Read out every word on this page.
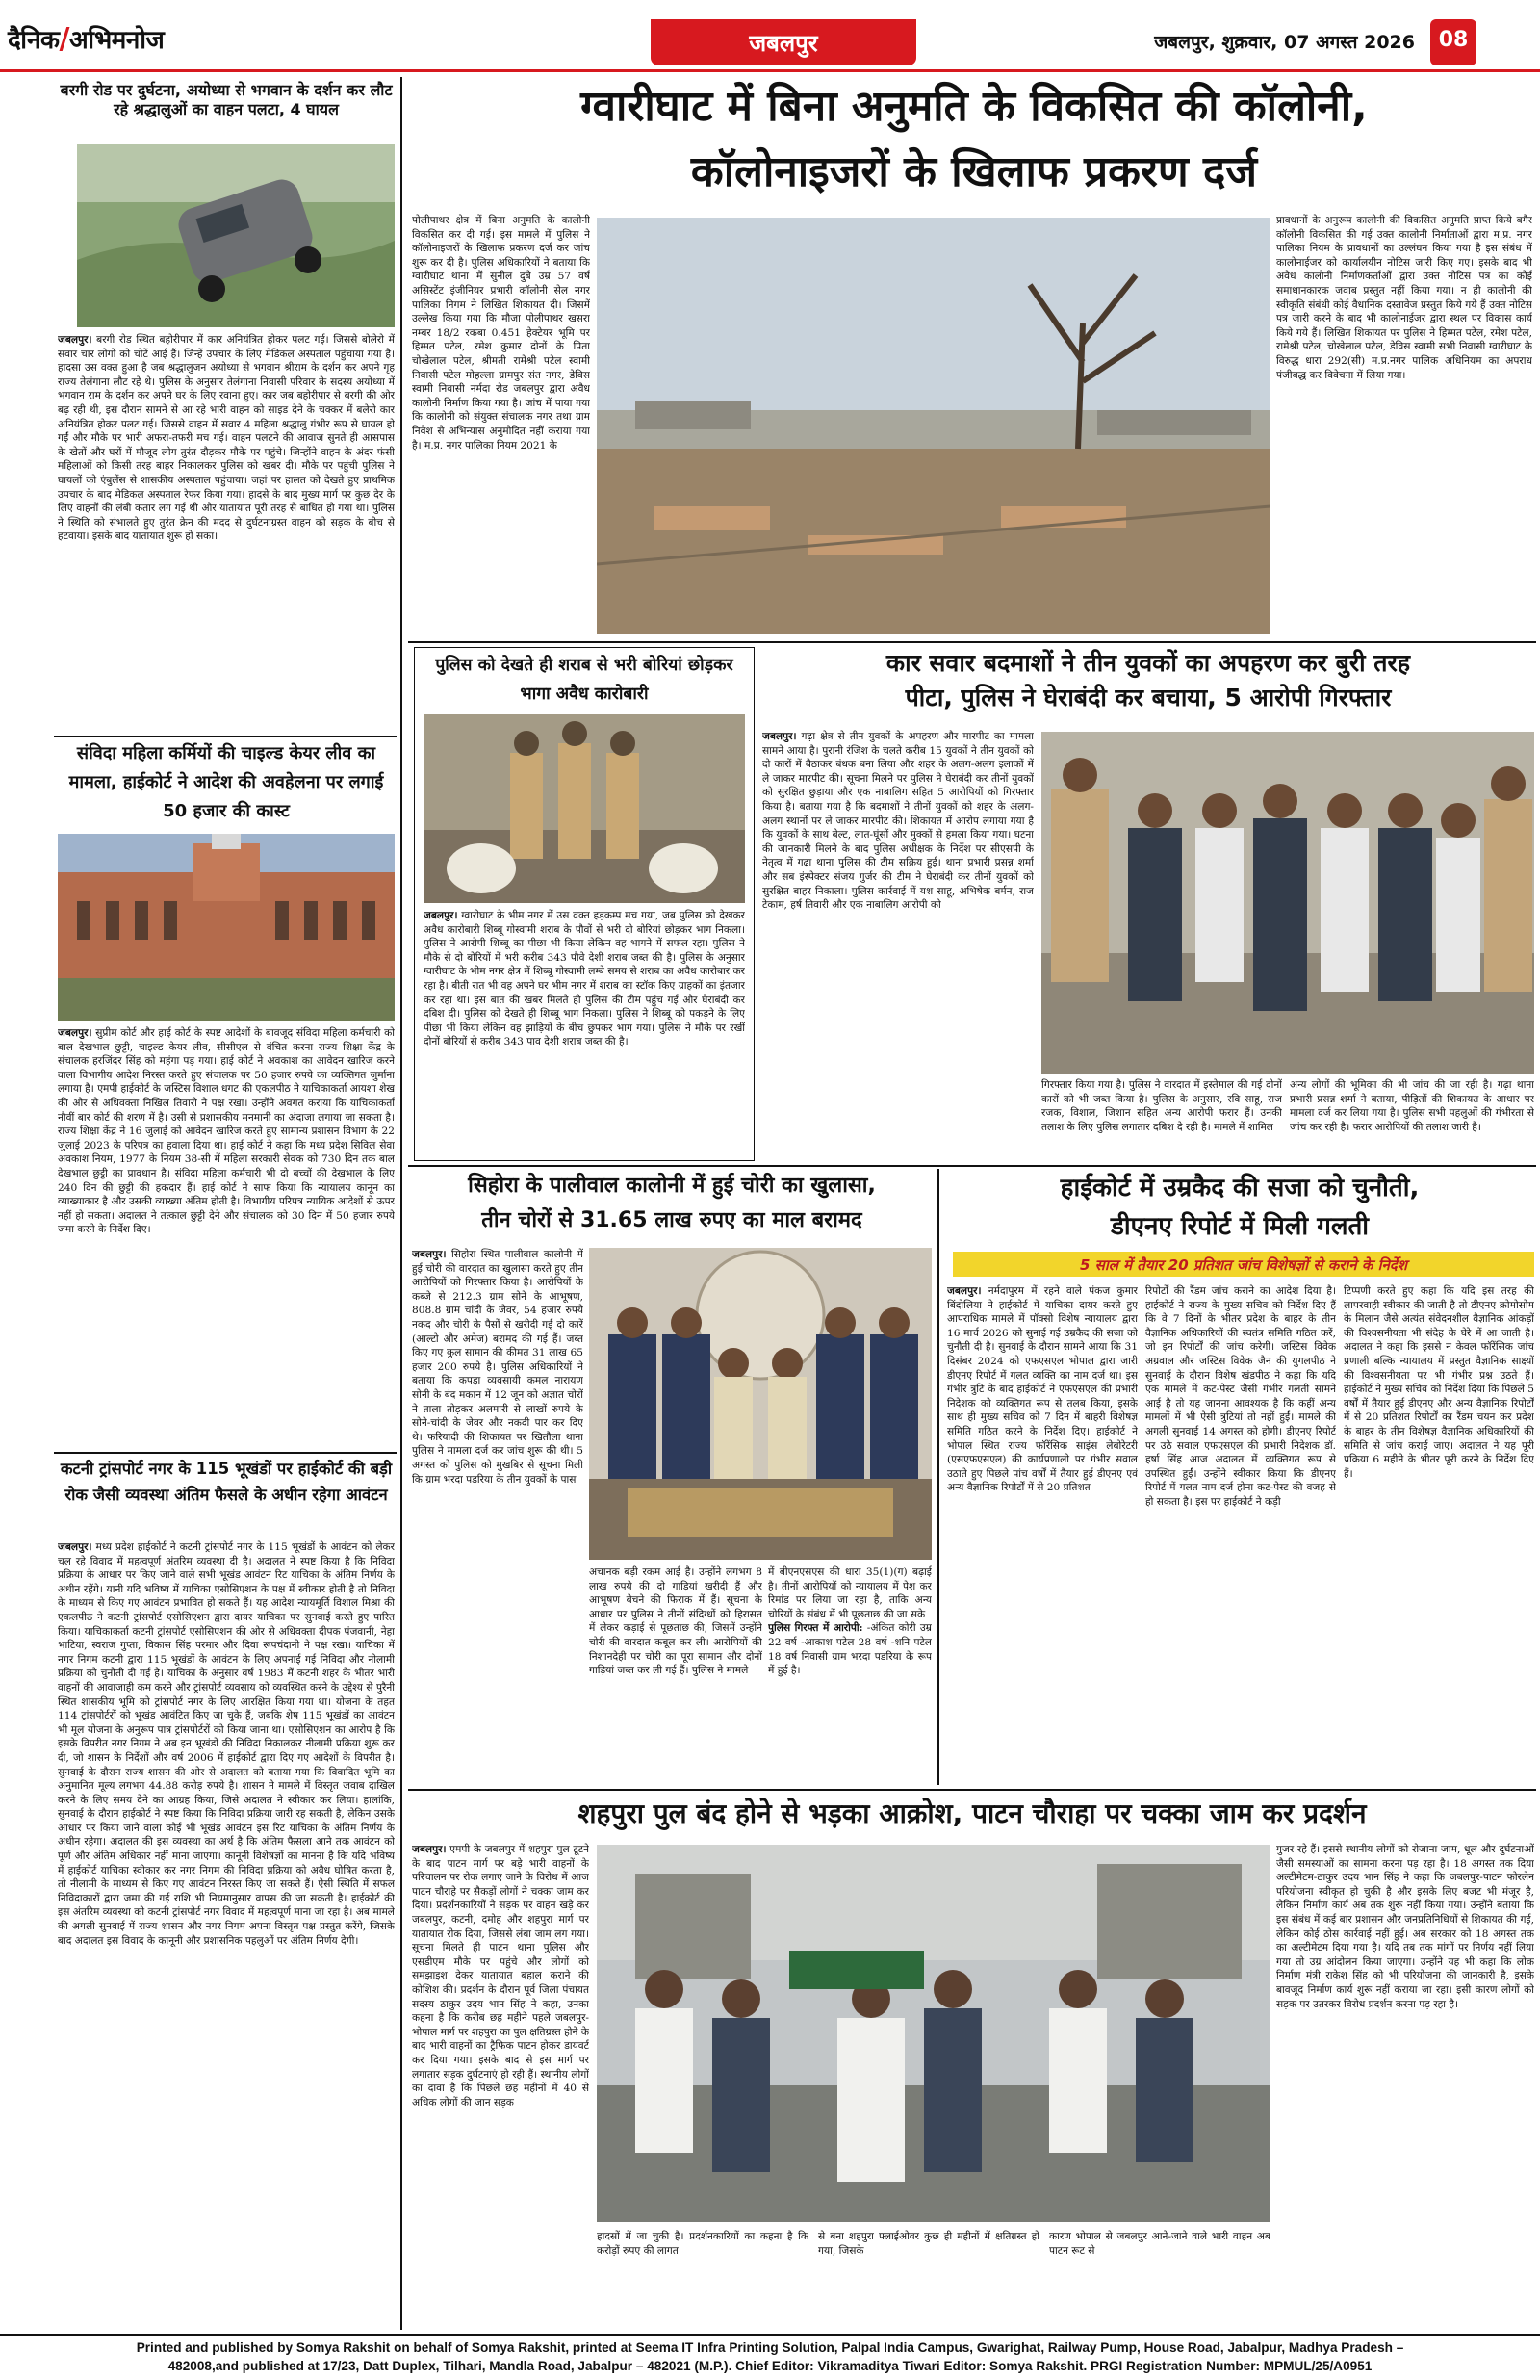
दैनिक/अभिमनोज	जबलपुर	जबलपुर, शुक्रवार, 07 अगस्त 2026	08
बरगी रोड पर दुर्घटना, अयोध्या से भगवान के दर्शन कर लौट रहे श्रद्धालुओं का वाहन पलटा, 4 घायल
जबलपुर। बरगी रोड स्थित बहोरीपार में कार अनियंत्रित होकर पलट गई। जिससे बोलेरो में सवार चार लोगों को चोटें आई हैं। जिन्हें उपचार के लिए मेडिकल अस्पताल पहुंचाया गया है। हादसा उस वक्त हुआ है जब श्रद्धालुजन अयोध्या से भगवान श्रीराम के दर्शन कर अपने गृह राज्य तेलंगाना लौट रहे थे। पुलिस के अनुसार तेलंगाना निवासी परिवार के सदस्य अयोध्या में भगवान राम के दर्शन कर अपने घर के लिए रवाना हुए। कार जब बहोरीपार से बरगी की ओर बढ़ रही थी, इस दौरान सामने से आ रहे भारी वाहन को साइड देने के चक्कर में बलेरो कार अनियंत्रित होकर पलट गई। जिससे वाहन में सवार 4 महिला श्रद्धालु गंभीर रूप से घायल हो गईं और मौके पर भारी अफरा-तफरी मच गई। वाहन पलटने की आवाज सुनते ही आसपास के खेतों और घरों में मौजूद लोग तुरंत दौड़कर मौके पर पहुंचे। जिन्होंने वाहन के अंदर फंसी महिलाओं को किसी तरह बाहर निकालकर पुलिस को खबर दी। मौके पर पहुंची पुलिस ने घायलों को एंबुलेंस से शासकीय अस्पताल पहुंचाया। जहां पर हालत को देखते हुए प्राथमिक उपचार के बाद मेडिकल अस्पताल रेफर किया गया। हादसे के बाद मुख्य मार्ग पर कुछ देर के लिए वाहनों की लंबी कतार लग गई थी और यातायात पूरी तरह से बाधित हो गया था। पुलिस ने स्थिति को संभालते हुए तुरंत क्रेन की मदद से दुर्घटनाग्रस्त वाहन को सड़क के बीच से हटवाया। इसके बाद यातायात शुरू हो सका।
संविदा महिला कर्मियों की चाइल्ड केयर लीव का मामला, हाईकोर्ट ने आदेश की अवहेलना पर लगाई 50 हजार की कास्ट
जबलपुर। सुप्रीम कोर्ट और हाई कोर्ट के स्पष्ट आदेशों के बावजूद संविदा महिला कर्मचारी को बाल देखभाल छुट्टी, चाइल्ड केयर लीव, सीसीएल से वंचित करना राज्य शिक्षा केंद्र के संचालक हरजिंदर सिंह को महंगा पड़ गया। हाई कोर्ट ने अवकाश का आवेदन खारिज करने वाला विभागीय आदेश निरस्त करते हुए संचालक पर 50 हजार रुपये का व्यक्तिगत जुर्माना लगाया है। एमपी हाईकोर्ट के जस्टिस विशाल धगट की एकलपीठ ने याचिकाकर्ता आयशा शेख की ओर से अधिवक्ता निखिल तिवारी ने पक्ष रखा। उन्होंने अवगत कराया कि याचिकाकर्ता नौवीं बार कोर्ट की शरण में है। उसी से प्रशासकीय मनमानी का अंदाजा लगाया जा सकता है। राज्य शिक्षा केंद्र ने 16 जुलाई को आवेदन खारिज करते हुए सामान्य प्रशासन विभाग के 22 जुलाई 2023 के परिपत्र का हवाला दिया था। हाई कोर्ट ने कहा कि मध्य प्रदेश सिविल सेवा अवकाश नियम, 1977 के नियम 38-सी में महिला सरकारी सेवक को 730 दिन तक बाल देखभाल छुट्टी का प्रावधान है। संविदा महिला कर्मचारी भी दो बच्चों की देखभाल के लिए 240 दिन की छुट्टी की हकदार हैं। हाई कोर्ट ने साफ किया कि न्यायालय कानून का व्याख्याकार है और उसकी व्याख्या अंतिम होती है। विभागीय परिपत्र न्यायिक आदेशों से ऊपर नहीं हो सकता। अदालत ने तत्काल छुट्टी देने और संचालक को 30 दिन में 50 हजार रुपये जमा करने के निर्देश दिए।
कटनी ट्रांसपोर्ट नगर के 115 भूखंडों पर हाईकोर्ट की बड़ी रोक जैसी व्यवस्था अंतिम फैसले के अधीन रहेगा आवंटन
जबलपुर। मध्य प्रदेश हाईकोर्ट ने कटनी ट्रांसपोर्ट नगर के 115 भूखंडों के आवंटन को लेकर चल रहे विवाद में महत्वपूर्ण अंतरिम व्यवस्था दी है। अदालत ने स्पष्ट किया है कि निविदा प्रक्रिया के आधार पर किए जाने वाले सभी भूखंड आवंटन रिट याचिका के अंतिम निर्णय के अधीन रहेंगे। यानी यदि भविष्य में याचिका एसोसिएशन के पक्ष में स्वीकार होती है तो निविदा के माध्यम से किए गए आवंटन प्रभावित हो सकते हैं। यह आदेश न्यायमूर्ति विशाल मिश्रा की एकलपीठ ने कटनी ट्रांसपोर्ट एसोसिएशन द्वारा दायर याचिका पर सुनवाई करते हुए पारित किया। याचिकाकर्ता कटनी ट्रांसपोर्ट एसोसिएशन की ओर से अधिवक्ता दीपक पंजवानी, नेहा भाटिया, स्वराज गुप्ता, विकास सिंह परमार और दिवा रूपचंदानी ने पक्ष रखा। याचिका में नगर निगम कटनी द्वारा 115 भूखंडों के आवंटन के लिए अपनाई गई निविदा और नीलामी प्रक्रिया को चुनौती दी गई है। याचिका के अनुसार वर्ष 1983 में कटनी शहर के भीतर भारी वाहनों की आवाजाही कम करने और ट्रांसपोर्ट व्यवसाय को व्यवस्थित करने के उद्देश्य से पुरैनी स्थित शासकीय भूमि को ट्रांसपोर्ट नगर के लिए आरक्षित किया गया था। योजना के तहत 114 ट्रांसपोर्टरों को भूखंड आवंटित किए जा चुके हैं, जबकि शेष 115 भूखंडों का आवंटन भी मूल योजना के अनुरूप पात्र ट्रांसपोर्टरों को किया जाना था। एसोसिएशन का आरोप है कि इसके विपरीत नगर निगम ने अब इन भूखंडों की निविदा निकालकर नीलामी प्रक्रिया शुरू कर दी, जो शासन के निर्देशों और वर्ष 2006 में हाईकोर्ट द्वारा दिए गए आदेशों के विपरीत है। सुनवाई के दौरान राज्य शासन की ओर से अदालत को बताया गया कि विवादित भूमि का अनुमानित मूल्य लगभग 44.88 करोड़ रुपये है। शासन ने मामले में विस्तृत जवाब दाखिल करने के लिए समय देने का आग्रह किया, जिसे अदालत ने स्वीकार कर लिया। हालांकि, सुनवाई के दौरान हाईकोर्ट ने स्पष्ट किया कि निविदा प्रक्रिया जारी रह सकती है, लेकिन उसके आधार पर किया जाने वाला कोई भी भूखंड आवंटन इस रिट याचिका के अंतिम निर्णय के अधीन रहेगा। अदालत की इस व्यवस्था का अर्थ है कि अंतिम फैसला आने तक आवंटन को पूर्ण और अंतिम अधिकार नहीं माना जाएगा। कानूनी विशेषज्ञों का मानना है कि यदि भविष्य में हाईकोर्ट याचिका स्वीकार कर नगर निगम की निविदा प्रक्रिया को अवैध घोषित करता है, तो नीलामी के माध्यम से किए गए आवंटन निरस्त किए जा सकते हैं। ऐसी स्थिति में सफल निविदाकारों द्वारा जमा की गई राशि भी नियमानुसार वापस की जा सकती है। हाईकोर्ट की इस अंतरिम व्यवस्था को कटनी ट्रांसपोर्ट नगर विवाद में महत्वपूर्ण माना जा रहा है। अब मामले की अगली सुनवाई में राज्य शासन और नगर निगम अपना विस्तृत पक्ष प्रस्तुत करेंगे, जिसके बाद अदालत इस विवाद के कानूनी और प्रशासनिक पहलुओं पर अंतिम निर्णय देगी।
ग्वारीघाट में बिना अनुमति के विकसित की कॉलोनी,
कॉलोनाइजरों के खिलाफ प्रकरण दर्ज
पोलीपाथर क्षेत्र में बिना अनुमति के कालोनी विकसित कर दी गई। इस मामले में पुलिस ने कॉलोनाइजरों के खिलाफ प्रकरण दर्ज कर जांच शुरू कर दी है। पुलिस अधिकारियों ने बताया कि ग्वारीघाट थाना में सुनील दुबे उम्र 57 वर्ष असिस्टेंट इंजीनियर प्रभारी कॉलोनी सेल नगर पालिका निगम ने लिखित शिकायत दी। जिसमें उल्लेख किया गया कि मौजा पोलीपाथर खसरा नम्बर 18/2 रकबा 0.451 हेक्टेयर भूमि पर हिम्मत पटेल, रमेश कुमार दोनों के पिता चोखेलाल पटेल, श्रीमती रामेश्री पटेल स्वामी निवासी पटेल मोहल्ला ग्रामपुर संत नगर, डेविस स्वामी निवासी नर्मदा रोड जबलपुर द्वारा अवैध कालोनी निर्माण किया गया है। जांच में पाया गया कि कालोनी को संयुक्त संचालक नगर तथा ग्राम निवेश से अभिन्यास अनुमोदित नहीं कराया गया है। म.प्र. नगर पालिका नियम 2021 के
प्रावधानों के अनुरूप कालोनी की विकसित अनुमति प्राप्त किये बगैर कॉलोनी विकसित की गई उक्त कालोनी निर्माताओं द्वारा म.प्र. नगर पालिका नियम के प्रावधानों का उल्लंघन किया गया है इस संबंध में कालोनाईजर को कार्यालयीन नोटिस जारी किए गए। इसके बाद भी अवैध कालोनी निर्माणकर्ताओं द्वारा उक्त नोटिस पत्र का कोई समाधानकारक जवाब प्रस्तुत नहीं किया गया। न ही कालोनी की स्वीकृति संबंधी कोई वैधानिक दस्तावेज प्रस्तुत किये गये हैं उक्त नोटिस पत्र जारी करने के बाद भी कालोनाईजर द्वारा स्थल पर विकास कार्य किये गये हैं। लिखित शिकायत पर पुलिस ने हिम्मत पटेल, रमेश पटेल, रामेश्री पटेल, चोखेलाल पटेल, डेविस स्वामी सभी निवासी ग्वारीघाट के विरुद्ध धारा 292(सी) म.प्र.नगर पालिक अधिनियम का अपराध पंजीबद्ध कर विवेचना में लिया गया।
पुलिस को देखते ही शराब से भरी बोरियां छोड़कर भागा अवैध कारोबारी
जबलपुर। ग्वारीघाट के भीम नगर में उस वक्त हड़कम्प मच गया, जब पुलिस को देखकर अवैध कारोबारी शिब्बू गोस्वामी शराब के पौवों से भरी दो बोरियां छोड़कर भाग निकला। पुलिस ने आरोपी शिब्बू का पीछा भी किया लेकिन वह भागने में सफल रहा। पुलिस ने मौके से दो बोरियों में भरी करीब 343 पौवे देशी शराब जब्त की है। पुलिस के अनुसार ग्वारीघाट के भीम नगर क्षेत्र में शिब्बू गोस्वामी लम्बे समय से शराब का अवैध कारोबार कर रहा है। बीती रात भी वह अपने घर भीम नगर में शराब का स्टॉक किए ग्राहकों का इंतजार कर रहा था। इस बात की खबर मिलते ही पुलिस की टीम पहुंच गई और घेराबंदी कर दबिश दी। पुलिस को देखते ही शिब्बू भाग निकला। पुलिस ने शिब्बू को पकड़ने के लिए पीछा भी किया लेकिन वह झाड़ियों के बीच छुपकर भाग गया। पुलिस ने मौके पर रखीं दोनों बोरियों से करीब 343 पाव देशी शराब जब्त की है।
कार सवार बदमाशों ने तीन युवकों का अपहरण कर बुरी तरह
पीटा, पुलिस ने घेराबंदी कर बचाया, 5 आरोपी गिरफ्तार
जबलपुर। गढ़ा क्षेत्र से तीन युवकों के अपहरण और मारपीट का मामला सामने आया है। पुरानी रंजिश के चलते करीब 15 युवकों ने तीन युवकों को दो कारों में बैठाकर बंधक बना लिया और शहर के अलग-अलग इलाकों में ले जाकर मारपीट की। सूचना मिलने पर पुलिस ने घेराबंदी कर तीनों युवकों को सुरक्षित छुड़ाया और एक नाबालिग सहित 5 आरोपियों को गिरफ्तार किया है। बताया गया है कि बदमाशों ने तीनों युवकों को शहर के अलग-अलग स्थानों पर ले जाकर मारपीट की। शिकायत में आरोप लगाया गया है कि युवकों के साथ बेल्ट, लात-घूंसों और मुक्कों से हमला किया गया। घटना की जानकारी मिलने के बाद पुलिस अधीक्षक के निर्देश पर सीएसपी के नेतृत्व में गढ़ा थाना पुलिस की टीम सक्रिय हुई। थाना प्रभारी प्रसन्न शर्मा और सब इंस्पेक्टर संजय गुर्जर की टीम ने घेराबंदी कर तीनों युवकों को सुरक्षित बाहर निकाला। पुलिस कार्रवाई में यश साहू, अभिषेक बर्मन, राज टेकाम, हर्ष तिवारी और एक नाबालिग आरोपी को
गिरफ्तार किया गया है। पुलिस ने वारदात में इस्तेमाल की गई दोनों कारों को भी जब्त किया है। पुलिस के अनुसार, रवि साहू, राज रजक, विशाल, जिशान सहित अन्य आरोपी फरार हैं। उनकी तलाश के लिए पुलिस लगातार दबिश दे रही है। मामले में शामिल
अन्य लोगों की भूमिका की भी जांच की जा रही है। गढ़ा थाना प्रभारी प्रसन्न शर्मा ने बताया, पीड़ितों की शिकायत के आधार पर मामला दर्ज कर लिया गया है। पुलिस सभी पहलुओं की गंभीरता से जांच कर रही है। फरार आरोपियों की तलाश जारी है।
सिहोरा के पालीवाल कालोनी में हुई चोरी का खुलासा,
तीन चोरों से 31.65 लाख रुपए का माल बरामद
जबलपुर। सिहोरा स्थित पालीवाल कालोनी में हुई चोरी की वारदात का खुलासा करते हुए तीन आरोपियों को गिरफ्तार किया है। आरोपियों के कब्जे से 212.3 ग्राम सोने के आभूषण, 808.8 ग्राम चांदी के जेवर, 54 हजार रुपये नकद और चोरी के पैसों से खरीदी गई दो कारें (आल्टो और अमेज) बरामद की गई हैं। जब्त किए गए कुल सामान की कीमत 31 लाख 65 हजार 200 रुपये है। पुलिस अधिकारियों ने बताया कि कपड़ा व्यवसायी कमल नारायण सोनी के बंद मकान में 12 जून को अज्ञात चोरों ने ताला तोड़कर अलमारी से लाखों रुपये के सोने-चांदी के जेवर और नकदी पार कर दिए थे। फरियादी की शिकायत पर खितौला थाना पुलिस ने मामला दर्ज कर जांच शुरू की थी। 5 अगस्त को पुलिस को मुखबिर से सूचना मिली कि ग्राम भरदा पडरिया के तीन युवकों के पास
अचानक बड़ी रकम आई है। उन्होंने लगभग 8 लाख रुपये की दो गाड़ियां खरीदी हैं और आभूषण बेचने की फिराक में हैं। सूचना के आधार पर पुलिस ने तीनों संदिग्धों को हिरासत में लेकर कड़ाई से पूछताछ की, जिसमें उन्होंने चोरी की वारदात कबूल कर ली। आरोपियों की निशानदेही पर चोरी का पूरा सामान और दोनों गाड़ियां जब्त कर ली गई हैं। पुलिस ने मामले
में बीएनएसएस की धारा 35(1)(ग) बढ़ाई है। तीनों आरोपियों को न्यायालय में पेश कर रिमांड पर लिया जा रहा है, ताकि अन्य चोरियों के संबंध में भी पूछताछ की जा सके
पुलिस गिरफ्त में आरोपी: -अंकित कोरी उम्र 22 वर्ष -आकाश पटेल 28 वर्ष -शनि पटेल 18 वर्ष निवासी ग्राम भरदा पडरिया के रूप में हुई है।
हाईकोर्ट में उम्रकैद की सजा को चुनौती,
डीएनए रिपोर्ट में मिली गलती
5 साल में तैयार 20 प्रतिशत जांच विशेषज्ञों से कराने के निर्देश
जबलपुर। नर्मदापुरम में रहने वाले पंकज कुमार बिंदोलिया ने हाईकोर्ट में याचिका दायर करते हुए आपराधिक मामले में पॉक्सो विशेष न्यायालय द्वारा 16 मार्च 2026 को सुनाई गई उम्रकैद की सजा को चुनौती दी है। सुनवाई के दौरान सामने आया कि 31 दिसंबर 2024 को एफएसएल भोपाल द्वारा जारी डीएनए रिपोर्ट में गलत व्यक्ति का नाम दर्ज था। इस गंभीर त्रुटि के बाद हाईकोर्ट ने एफएसएल की प्रभारी निदेशक को व्यक्तिगत रूप से तलब किया, इसके साथ ही मुख्य सचिव को 7 दिन में बाहरी विशेषज्ञ समिति गठित करने के निर्देश दिए। हाईकोर्ट ने भोपाल स्थित राज्य फॉरेंसिक साइंस लेबोरेटरी (एसएफएसएल) की कार्यप्रणाली पर गंभीर सवाल उठाते हुए पिछले पांच वर्षों में तैयार हुई डीएनए एवं अन्य वैज्ञानिक रिपोर्टों में से 20 प्रतिशत
रिपोर्टों की रैंडम जांच कराने का आदेश दिया है। हाईकोर्ट ने राज्य के मुख्य सचिव को निर्देश दिए हैं कि वे 7 दिनों के भीतर प्रदेश के बाहर के तीन वैज्ञानिक अधिकारियों की स्वतंत्र समिति गठित करें, जो इन रिपोर्टों की जांच करेगी। जस्टिस विवेक अग्रवाल और जस्टिस विवेक जैन की युगलपीठ ने सुनवाई के दौरान विशेष खंडपीठ ने कहा कि यदि एक मामले में कट-पेस्ट जैसी गंभीर गलती सामने आई है तो यह जानना आवश्यक है कि कहीं अन्य मामलों में भी ऐसी त्रुटियां तो नहीं हुईं। मामले की अगली सुनवाई 14 अगस्त को होगी। डीएनए रिपोर्ट पर उठे सवाल एफएसएल की प्रभारी निदेशक डॉ. हर्षा सिंह आज अदालत में व्यक्तिगत रूप से उपस्थित हुईं। उन्होंने स्वीकार किया कि डीएनए रिपोर्ट में गलत नाम दर्ज होना कट-पेस्ट की वजह से हो सकता है। इस पर हाईकोर्ट ने कड़ी
टिप्पणी करते हुए कहा कि यदि इस तरह की लापरवाही स्वीकार की जाती है तो डीएनए क्रोमोसोम के मिलान जैसे अत्यंत संवेदनशील वैज्ञानिक आंकड़ों की विश्वसनीयता भी संदेह के घेरे में आ जाती है। अदालत ने कहा कि इससे न केवल फॉरेंसिक जांच प्रणाली बल्कि न्यायालय में प्रस्तुत वैज्ञानिक साक्ष्यों की विश्वसनीयता पर भी गंभीर प्रश्न उठते हैं। हाईकोर्ट ने मुख्य सचिव को निर्देश दिया कि पिछले 5 वर्षों में तैयार हुई डीएनए और अन्य वैज्ञानिक रिपोर्टों में से 20 प्रतिशत रिपोर्टों का रैंडम चयन कर प्रदेश के बाहर के तीन विशेषज्ञ वैज्ञानिक अधिकारियों की समिति से जांच कराई जाए। अदालत ने यह पूरी प्रक्रिया 6 महीने के भीतर पूरी करने के निर्देश दिए हैं।
शहपुरा पुल बंद होने से भड़का आक्रोश, पाटन चौराहा पर चक्का जाम कर प्रदर्शन
जबलपुर। एमपी के जबलपुर में शहपुरा पुल टूटने के बाद पाटन मार्ग पर बड़े भारी वाहनों के परिचालन पर रोक लगाए जाने के विरोध में आज पाटन चौराहे पर सैकड़ों लोगों ने चक्का जाम कर दिया। प्रदर्शनकारियों ने सड़क पर वाहन खड़े कर जबलपुर, कटनी, दमोह और शहपुरा मार्ग पर यातायात रोक दिया, जिससे लंबा जाम लग गया। सूचना मिलते ही पाटन थाना पुलिस और एसडीएम मौके पर पहुंचे और लोगों को समझाइश देकर यातायात बहाल कराने की कोशिश की। प्रदर्शन के दौरान पूर्व जिला पंचायत सदस्य ठाकुर उदय भान सिंह ने कहा, उनका कहना है कि करीब छह महीने पहले जबलपुर-भोपाल मार्ग पर शहपुरा का पुल क्षतिग्रस्त होने के बाद भारी वाहनों का ट्रैफिक पाटन होकर डायवर्ट कर दिया गया। इसके बाद से इस मार्ग पर लगातार सड़क दुर्घटनाएं हो रही हैं। स्थानीय लोगों का दावा है कि पिछले छह महीनों में 40 से अधिक लोगों की जान सड़क
गुजर रहे हैं। इससे स्थानीय लोगों को रोजाना जाम, धूल और दुर्घटनाओं जैसी समस्याओं का सामना करना पड़ रहा है। 18 अगस्त तक दिया अल्टीमेटम-ठाकुर उदय भान सिंह ने कहा कि जबलपुर-पाटन फोरलेन परियोजना स्वीकृत हो चुकी है और इसके लिए बजट भी मंजूर है, लेकिन निर्माण कार्य अब तक शुरू नहीं किया गया। उन्होंने बताया कि इस संबंध में कई बार प्रशासन और जनप्रतिनिधियों से शिकायत की गई, लेकिन कोई ठोस कार्रवाई नहीं हुई। अब सरकार को 18 अगस्त तक का अल्टीमेटम दिया गया है। यदि तब तक मांगों पर निर्णय नहीं लिया गया तो उग्र आंदोलन किया जाएगा। उन्होंने यह भी कहा कि लोक निर्माण मंत्री राकेश सिंह को भी परियोजना की जानकारी है, इसके बावजूद निर्माण कार्य शुरू नहीं कराया जा रहा। इसी कारण लोगों को सड़क पर उतरकर विरोध प्रदर्शन करना पड़ रहा है।
हादसों में जा चुकी है। प्रदर्शनकारियों का कहना है कि करोड़ों रुपए की लागत
से बना शहपुरा फ्लाईओवर कुछ ही महीनों में क्षतिग्रस्त हो गया, जिसके
कारण भोपाल से जबलपुर आने-जाने वाले भारी वाहन अब पाटन रूट से
Printed and published by Somya Rakshit on behalf of Somya Rakshit, printed at Seema IT Infra Printing Solution, Palpal India Campus, Gwarighat, Railway Pump, House Road, Jabalpur, Madhya Pradesh –
482008,and published at 17/23, Datt Duplex, Tilhari, Mandla Road, Jabalpur – 482021 (M.P.). Chief Editor: Vikramaditya Tiwari Editor: Somya Rakshit. PRGI Registration Number: MPMUL/25/A0951
